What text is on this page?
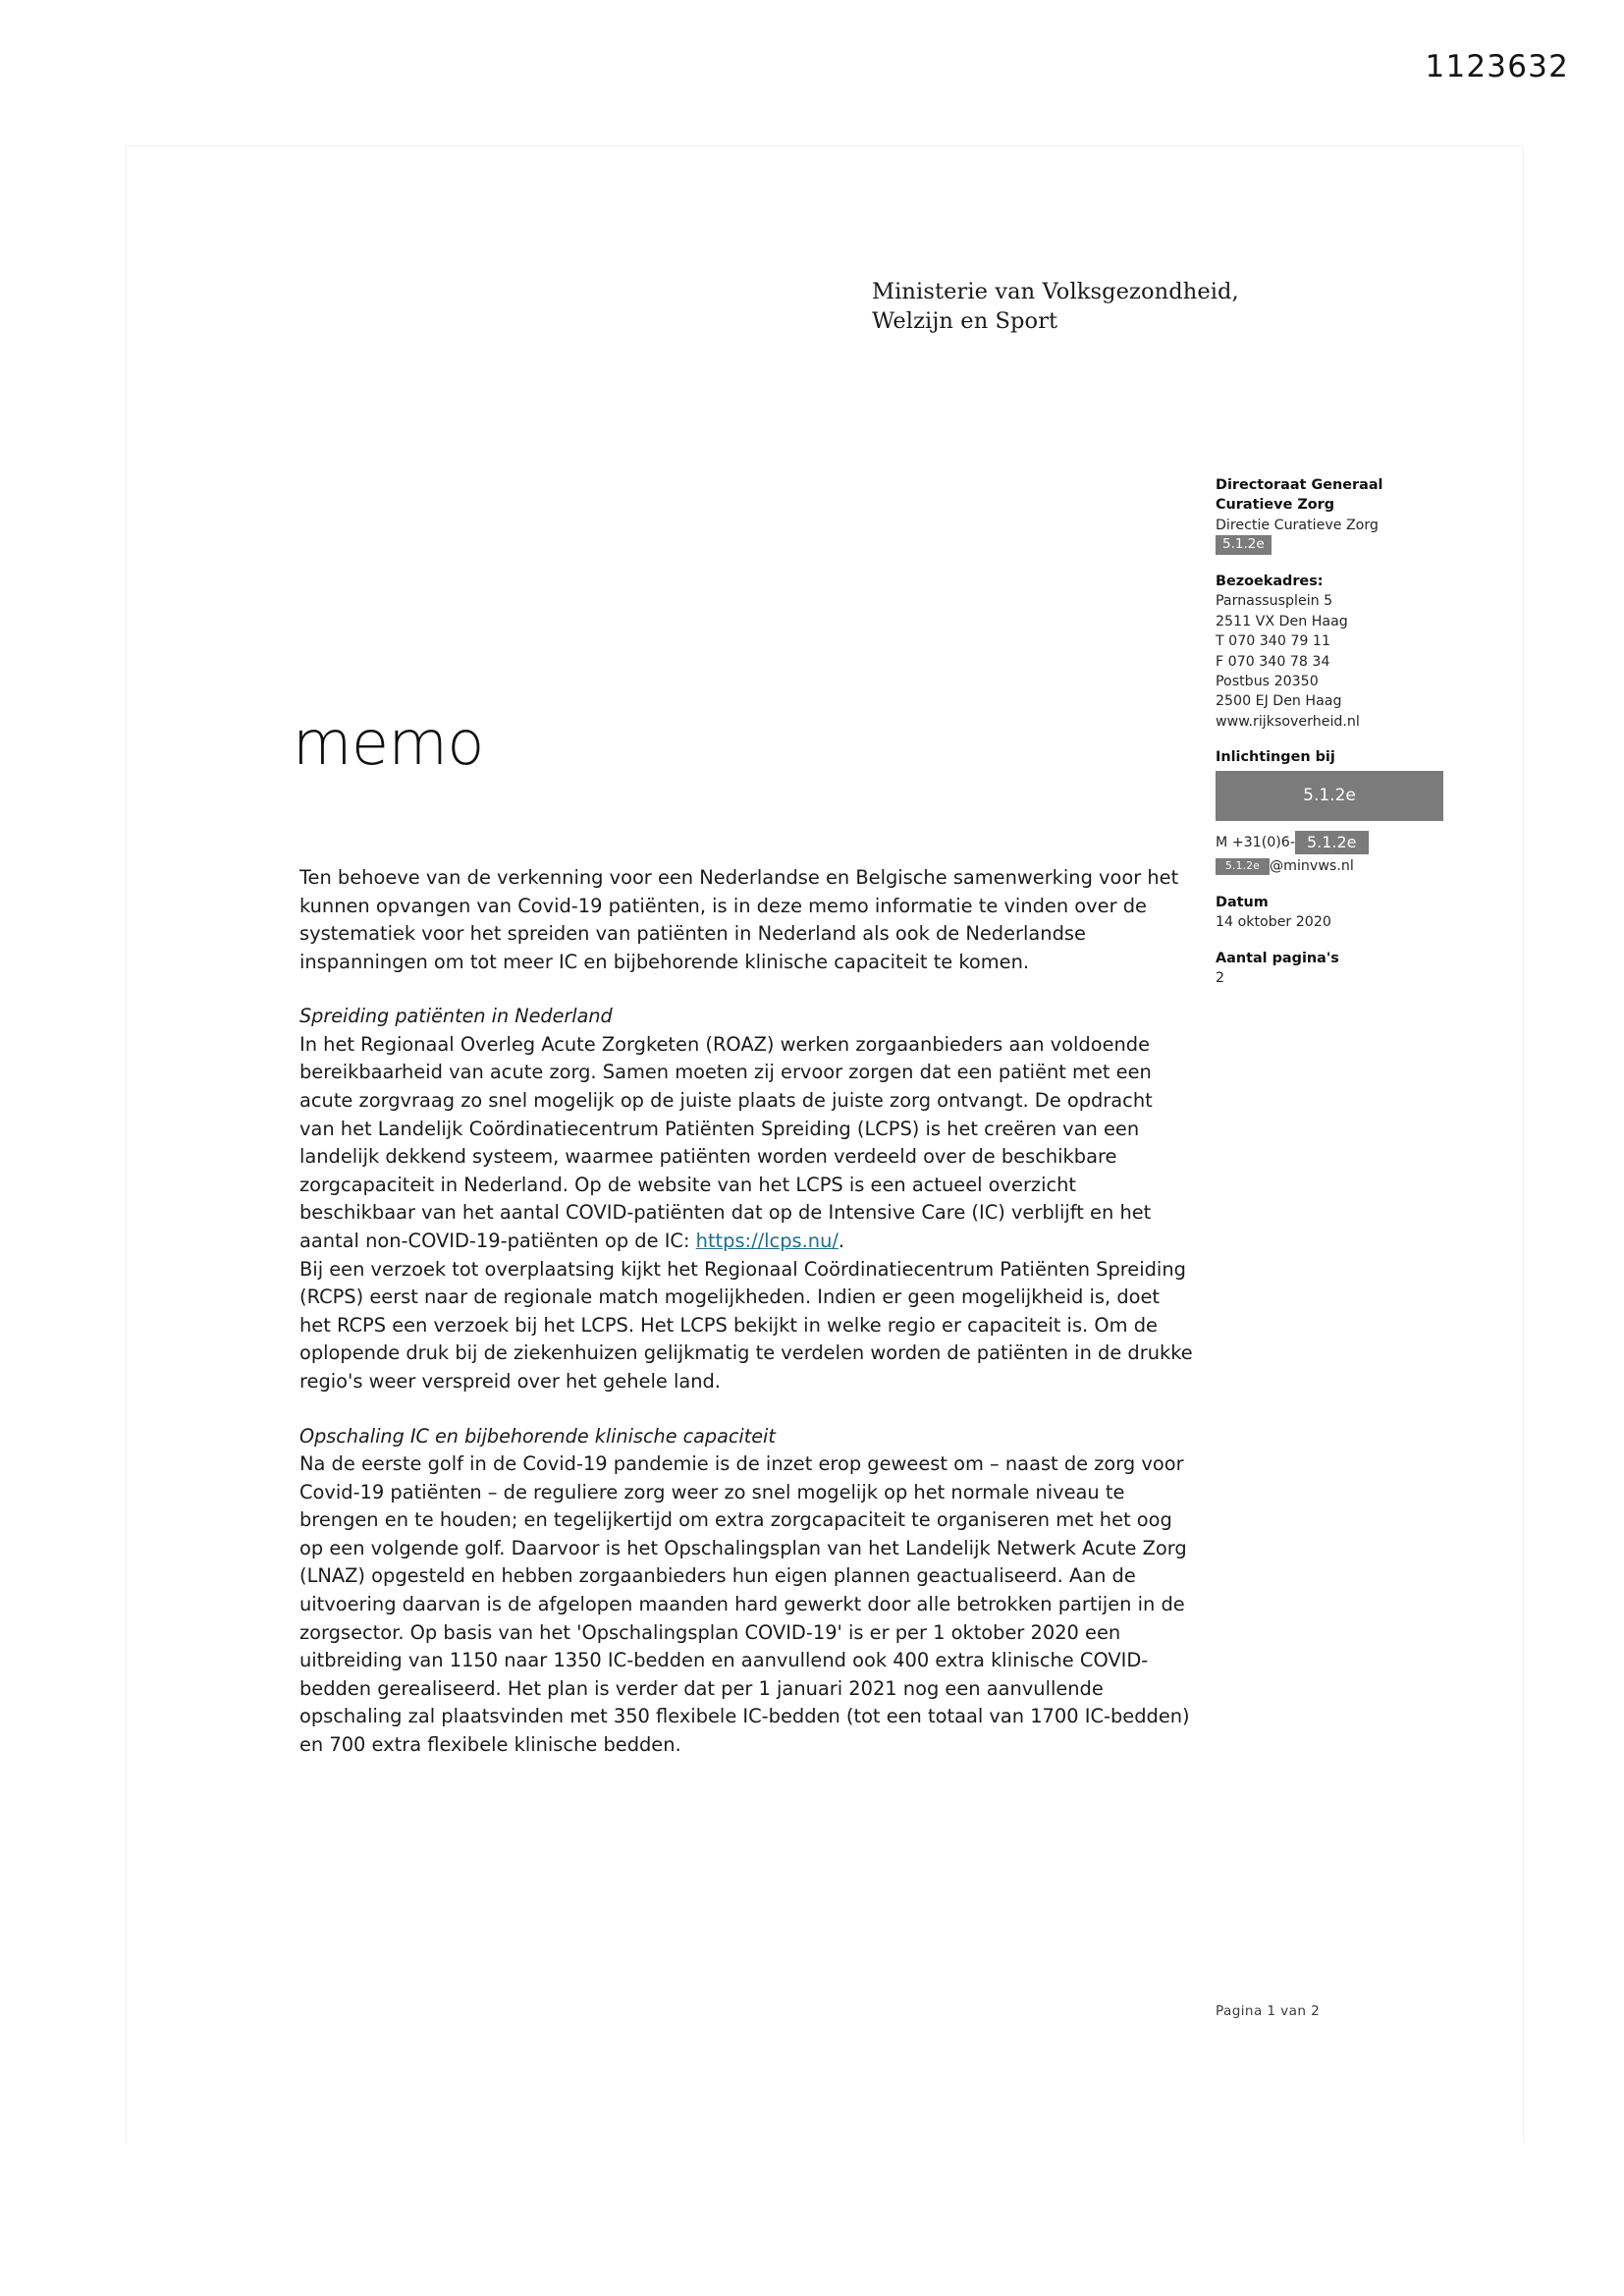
1123632
Ministerie van Volksgezondheid,
Welzijn en Sport
memo
Directoraat Generaal
Curatieve Zorg
Directie Curatieve Zorg
5.1.2e
Bezoekadres:
Parnassusplein 5
2511 VX Den Haag
T 070 340 79 11
F 070 340 78 34
Postbus 20350
2500 EJ Den Haag
www.rijksoverheid.nl
Inlichtingen bij
5.1.2e
M +31(0)6- 5.1.2e
5.1.2e @minvws.nl
Datum
14 oktober 2020
Aantal pagina's
2

Ten behoeve van de verkenning voor een Nederlandse en Belgische samenwerking voor het kunnen opvangen van Covid-19 patiënten, is in deze memo informatie te vinden over de systematiek voor het spreiden van patiënten in Nederland als ook de Nederlandse inspanningen om tot meer IC en bijbehorende klinische capaciteit te komen.

Spreiding patiënten in Nederland

In het Regionaal Overleg Acute Zorgketen (ROAZ) werken zorgaanbieders aan voldoende bereikbaarheid van acute zorg. Samen moeten zij ervoor zorgen dat een patiënt met een acute zorgvraag zo snel mogelijk op de juiste plaats de juiste zorg ontvangt. De opdracht van het Landelijk Coördinatiecentrum Patiënten Spreiding (LCPS) is het creëren van een landelijk dekkend systeem, waarmee patiënten worden verdeeld over de beschikbare zorgcapaciteit in Nederland. Op de website van het LCPS is een actueel overzicht beschikbaar van het aantal COVID-patiënten dat op de Intensive Care (IC) verblijft en het aantal non-COVID-19-patiënten op de IC: https://lcps.nu/.

Bij een verzoek tot overplaatsing kijkt het Regionaal Coördinatiecentrum Patiënten Spreiding (RCPS) eerst naar de regionale match mogelijkheden. Indien er geen mogelijkheid is, doet het RCPS een verzoek bij het LCPS. Het LCPS bekijkt in welke regio er capaciteit is. Om de oplopende druk bij de ziekenhuizen gelijkmatig te verdelen worden de patiënten in de drukke regio's weer verspreid over het gehele land.

Opschaling IC en bijbehorende klinische capaciteit

Na de eerste golf in de Covid-19 pandemie is de inzet erop geweest om – naast de zorg voor Covid-19 patiënten – de reguliere zorg weer zo snel mogelijk op het normale niveau te brengen en te houden; en tegelijkertijd om extra zorgcapaciteit te organiseren met het oog op een volgende golf. Daarvoor is het Opschalingsplan van het Landelijk Netwerk Acute Zorg (LNAZ) opgesteld en hebben zorgaanbieders hun eigen plannen geactualiseerd. Aan de uitvoering daarvan is de afgelopen maanden hard gewerkt door alle betrokken partijen in de zorgsector. Op basis van het 'Opschalingsplan COVID-19' is er per 1 oktober 2020 een uitbreiding van 1150 naar 1350 IC-bedden en aanvullend ook 400 extra klinische COVID-bedden gerealiseerd. Het plan is verder dat per 1 januari 2021 nog een aanvullende opschaling zal plaatsvinden met 350 flexibele IC-bedden (tot een totaal van 1700 IC-bedden) en 700 extra flexibele klinische bedden.

Pagina 1 van 2
